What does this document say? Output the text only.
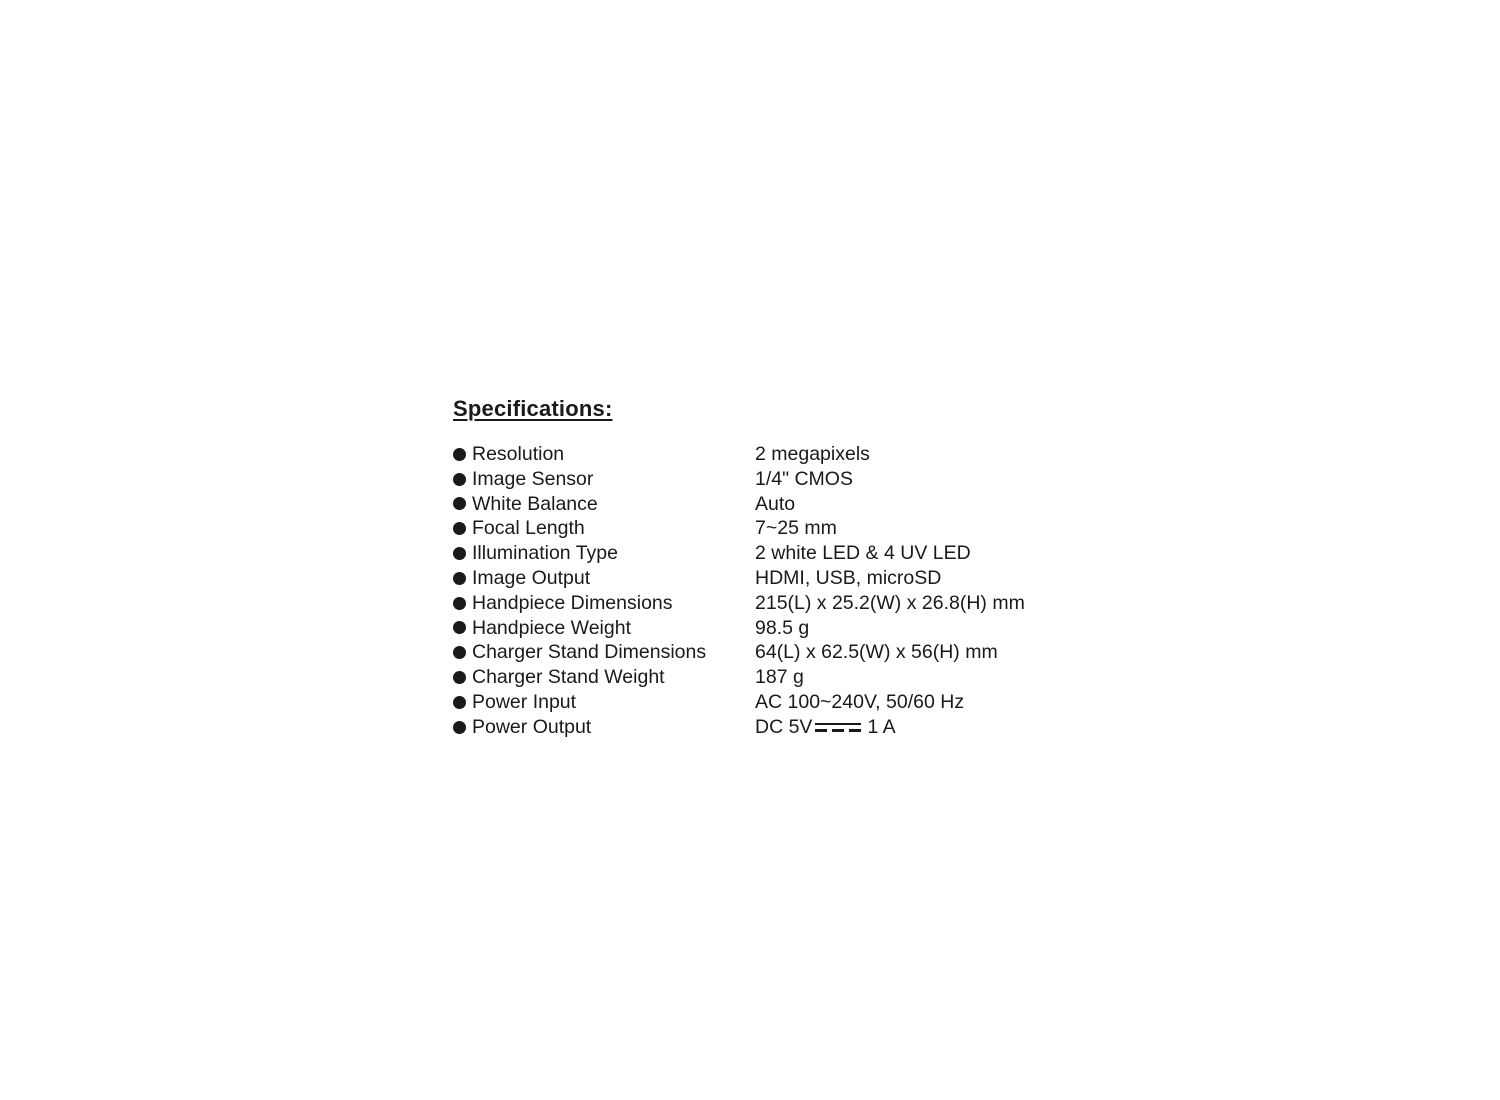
Specifications:
Resolution	2 megapixels
Image Sensor	1/4" CMOS
White Balance	Auto
Focal Length	7~25 mm
Illumination Type	2 white LED & 4 UV LED
Image Output	HDMI, USB, microSD
Handpiece Dimensions	215(L) x 25.2(W) x 26.8(H) mm
Handpiece Weight	98.5 g
Charger Stand Dimensions	64(L) x 62.5(W) x 56(H) mm
Charger Stand Weight	187 g
Power Input	AC 100~240V, 50/60 Hz
Power Output	DC 5V	1 A
